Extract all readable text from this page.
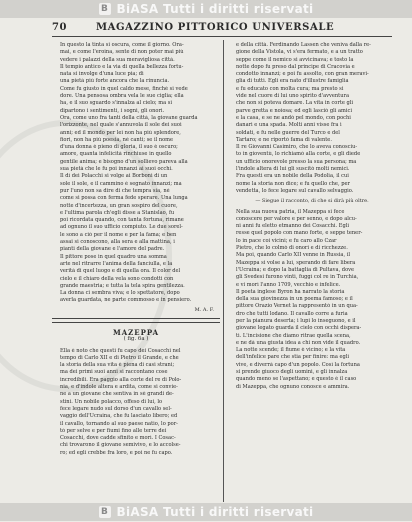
B BiASA Tutti i diritti riservati
70	MAGAZZINO PITTORICO UNIVERSALE

In questo la tinta si oscura, come il giorno. Ora-
mai, e come l'eroina, sente di non poter mai più
vedere i palazzi della sua meravigliosa città.
Il tempio antico e la via di quella bellezza fortu-
nata si involge d'una luce pia; di
una pietà più forte ancora che la rinuncia.
Come fu giusto in quel caldo mese, finchè si vede
dore. Una pensosa ombra vela le sue ciglia; ella
ha, e il suo sguardo s'innalza al cielo; ma si
dipartono i sentimenti, i sogni, gli onori.

Ora, come uno fra tanti della città, la giovane guarda
l'orizzonte, nel quale s'annuvola il sole dei suoi
anni; ed il mondo per lei non ha più splendore,
fiori, non ha più poesia, nè canti; se il nome
d'una donna è pieno di gloria, il suo è oscuro;
amore, quanta infelicità rinchiuse in quello
gentile anima; e bisogno d'un sollievo pareva alla
sua pietà che le fu poi innanzi ai suoi occhi.

Il dì dei Polacchi si volge ai Borboni di un
sole il sole, e il cammino è segnato innanzi; ma
pur l'uno non sa dire di che tempra sia, né
come si possa con ferma fede sperare. Una lunga
notte d'incertezza, un gran sospiro del cuore,
e l'ultima parola ch'egli disse a Stanislao, fu
poi ricordata quando, con tanta fortuna, rimane
ad ognuno il suo ufficio compiuto. Le due sorel-
le sono a ciò per il nome e per la fama; e ben
assai si conoscono, alla sera e alla mattina, i
pianti della giovane e l'amore del padre.

Il pittore pose in quel quadro una somma
arte nel ritrarre l'anima della fanciulla, e la
verità di quel luogo e di quella ora. Il color del
cielo e il chiaro della vela sono condotti con
grande maestria; e tutta la tela spira gentilezza.
La donna ci sembra viva; e lo spettatore, dopo
averla guardata, ne parte commosso e in pensiero.

M. A. F.
MAZEPPA
( fig. 6a )

Ella è noto che questi fu capo dei Cosacchi nel
tempo di Carlo XII e di Pietro il Grande, e che
la storia della sua vita è piena di casi strani;
ma dei primi suoi anni si raccontano cose
incredibili. Era paggio alla corte del re di Polo-
nia, e d'indole altera e ardita, come si convie-
ne a un giovane che sentiva in sè grandi de-
stini. Un nobile polacco, offeso di lui, lo
fece legare nudo sul dorso d'un cavallo sel-
vaggio dell'Ucraina, che fu lasciato libero; ed
il cavallo, tornando al suo paese natio, lo por-
tò per selve e per fiumi fino alle terre dei
Cosacchi, dove cadde sfinito e morì. I Cosac-
chi trovarono il giovane semivivo, e lo accolse-
ro; ed egli crebbe fra loro, e poi ne fu capo.

e della città. Ferdinando Lassen che veniva dalla re-
gione della Vistola, vi s'era fermato, e a un tratto
seppe come il nemico si avvicinava; e tosto la
notte dopo fu preso dal principe di Cracovia e
condotto innanzi; e poi fu assolto, con gran meravi-
glia di tutti. Egli era nato d'illustre famiglia
e fu educato con molta cura; ma presto si
vide nel cuore di lui uno spirito d'avventura
che non si poteva domare. La vita in corte gli
parve gretta e noiosa; ed egli lasciò gli amici
e la casa, e se ne andò pel mondo, con pochi
danari e una spada. Molti anni visse fra i
soldati, e fu nelle guerre del Turco e del
Tartaro; e ne riportò fama di valente.

Il re Giovanni Casimiro, che lo aveva conosciu-
to in gioventù, lo richiamò alla corte, e gli diede
un ufficio onorevole presso la sua persona; ma
l'indole altera di lui gli suscitò molti nemici.
Fra questi era un nobile della Podolia, il cui
nome la storia non dice; e fu quello che, per
vendetta, lo fece legare sul cavallo selvaggio.

— Siegue il racconto, di che si dirà più oltre.

Nella sua nuova patria, il Mazeppa si fece
conoscere per valore e per senno, e dopo alcu-
ni anni fu eletto etmanno dei Cosacchi. Egli
resse quel popolo con mano forte, e seppe tener-
lo in pace coi vicini; e fu caro allo Czar
Pietro, che lo colmò di onori e di ricchezze.
Ma poi, quando Carlo XII venne in Russia, il
Mazeppa si volse a lui, sperando di fare libera
l'Ucraina; e dopo la battaglia di Pultava, dove
gli Svedesi furono vinti, fuggì col re in Turchia,
e vi morì l'anno 1709, vecchio e infelice.

Il poeta inglese Byron ha narrato la storia
della sua giovinezza in un poema famoso; e il
pittore Orazio Vernet la rappresentò in un qua-
dro che tutti lodano. Il cavallo corre a furia
per la pianura deserta; i lupi lo inseguono, e il
giovane legato guarda il cielo con occhi dispera-
ti. L'incisione che diamo ritrae quella scena,
e ne dà una giusta idea a chi non vide il quadro.
La notte scende; il fiume è vicino; e la vita
dell'infelice pare che stia per finire: ma egli
vive, e diverrà capo d'un popolo. Così la fortuna
si prende giuoco degli uomini, e gli innalza
quando meno se l'aspettano; e questo è il caso
di Mazeppa, che ognuno conosce e ammira.

B BiASA Tutti i diritti riservati
